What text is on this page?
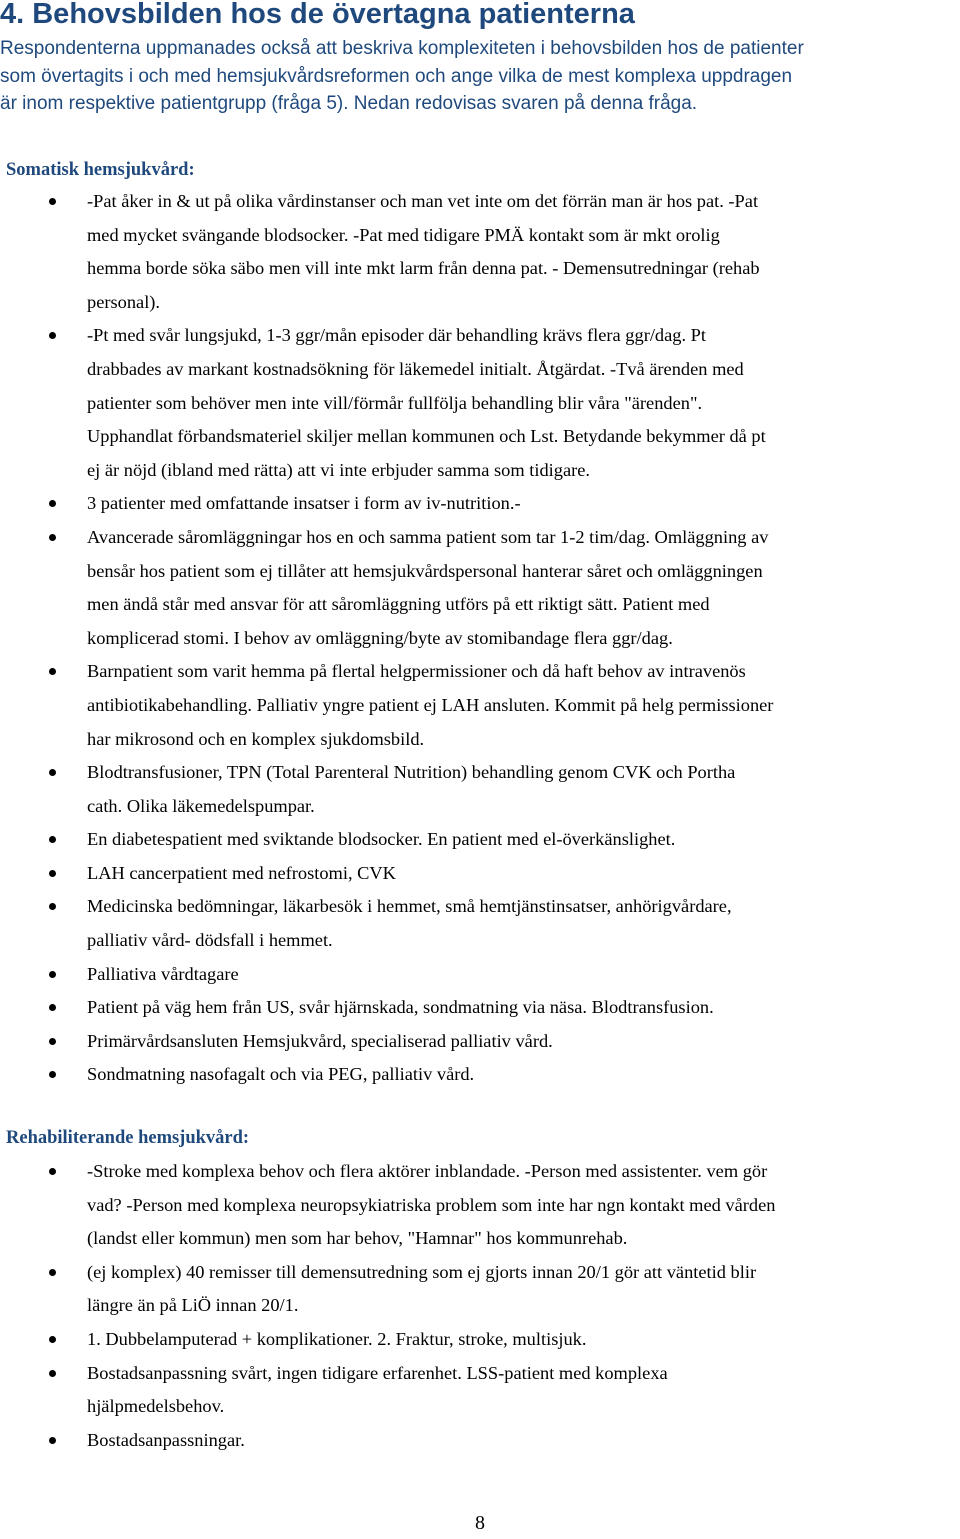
4. Behovsbilden hos de övertagna patienterna
Respondenterna uppmanades också att beskriva komplexiteten i behovsbilden hos de patienter
som övertagits i och med hemsjukvårdsreformen och ange vilka de mest komplexa uppdragen
är inom respektive patientgrupp (fråga 5). Nedan redovisas svaren på denna fråga.
Somatisk hemsjukvård:
-Pat åker in & ut på olika vårdinstanser och man vet inte om det förrän man är hos pat. -Pat
med mycket svängande blodsocker. -Pat med tidigare PMÄ kontakt som är mkt orolig
hemma borde söka säbo men vill inte mkt larm från denna pat. - Demensutredningar (rehab
personal).
-Pt med svår lungsjukd, 1-3 ggr/mån episoder där behandling krävs flera ggr/dag. Pt
drabbades av markant kostnadsökning för läkemedel initialt. Åtgärdat. -Två ärenden med
patienter som behöver men inte vill/förmår fullfölja behandling blir våra "ärenden".
Upphandlat förbandsmateriel skiljer mellan kommunen och Lst. Betydande bekymmer då pt
ej är nöjd (ibland med rätta) att vi inte erbjuder samma som tidigare.
3 patienter med omfattande insatser i form av iv-nutrition.-
Avancerade såromläggningar hos en och samma patient som tar 1-2 tim/dag. Omläggning av
bensår hos patient som ej tillåter att hemsjukvårdspersonal hanterar såret och omläggningen
men ändå står med ansvar för att såromläggning utförs på ett riktigt sätt. Patient med
komplicerad stomi. I behov av omläggning/byte av stomibandage flera ggr/dag.
Barnpatient som varit hemma på flertal helgpermissioner och då haft behov av intravenös
antibiotikabehandling. Palliativ yngre patient ej LAH ansluten. Kommit på helg permissioner
har mikrosond och en komplex sjukdomsbild.
Blodtransfusioner, TPN (Total Parenteral Nutrition) behandling genom CVK och Portha
cath. Olika läkemedelspumpar.
En diabetespatient med sviktande blodsocker. En patient med el-överkänslighet.
LAH cancerpatient med nefrostomi, CVK
Medicinska bedömningar, läkarbesök i hemmet, små hemtjänstinsatser, anhörigvårdare,
palliativ vård- dödsfall i hemmet.
Palliativa vårdtagare
Patient på väg hem från US, svår hjärnskada, sondmatning via näsa. Blodtransfusion.
Primärvårdsansluten Hemsjukvård, specialiserad palliativ vård.
Sondmatning nasofagalt och via PEG, palliativ vård.
Rehabiliterande hemsjukvård:
-Stroke med komplexa behov och flera aktörer inblandade. -Person med assistenter. vem gör
vad? -Person med komplexa neuropsykiatriska problem som inte har ngn kontakt med vården
(landst eller kommun) men som har behov, "Hamnar" hos kommunrehab.
(ej komplex) 40 remisser till demensutredning som ej gjorts innan 20/1 gör att väntetid blir
längre än på LiÖ innan 20/1.
1. Dubbelamputerad + komplikationer. 2. Fraktur, stroke, multisjuk.
Bostadsanpassning svårt, ingen tidigare erfarenhet. LSS-patient med komplexa
hjälpmedelsbehov.
Bostadsanpassningar.
8
